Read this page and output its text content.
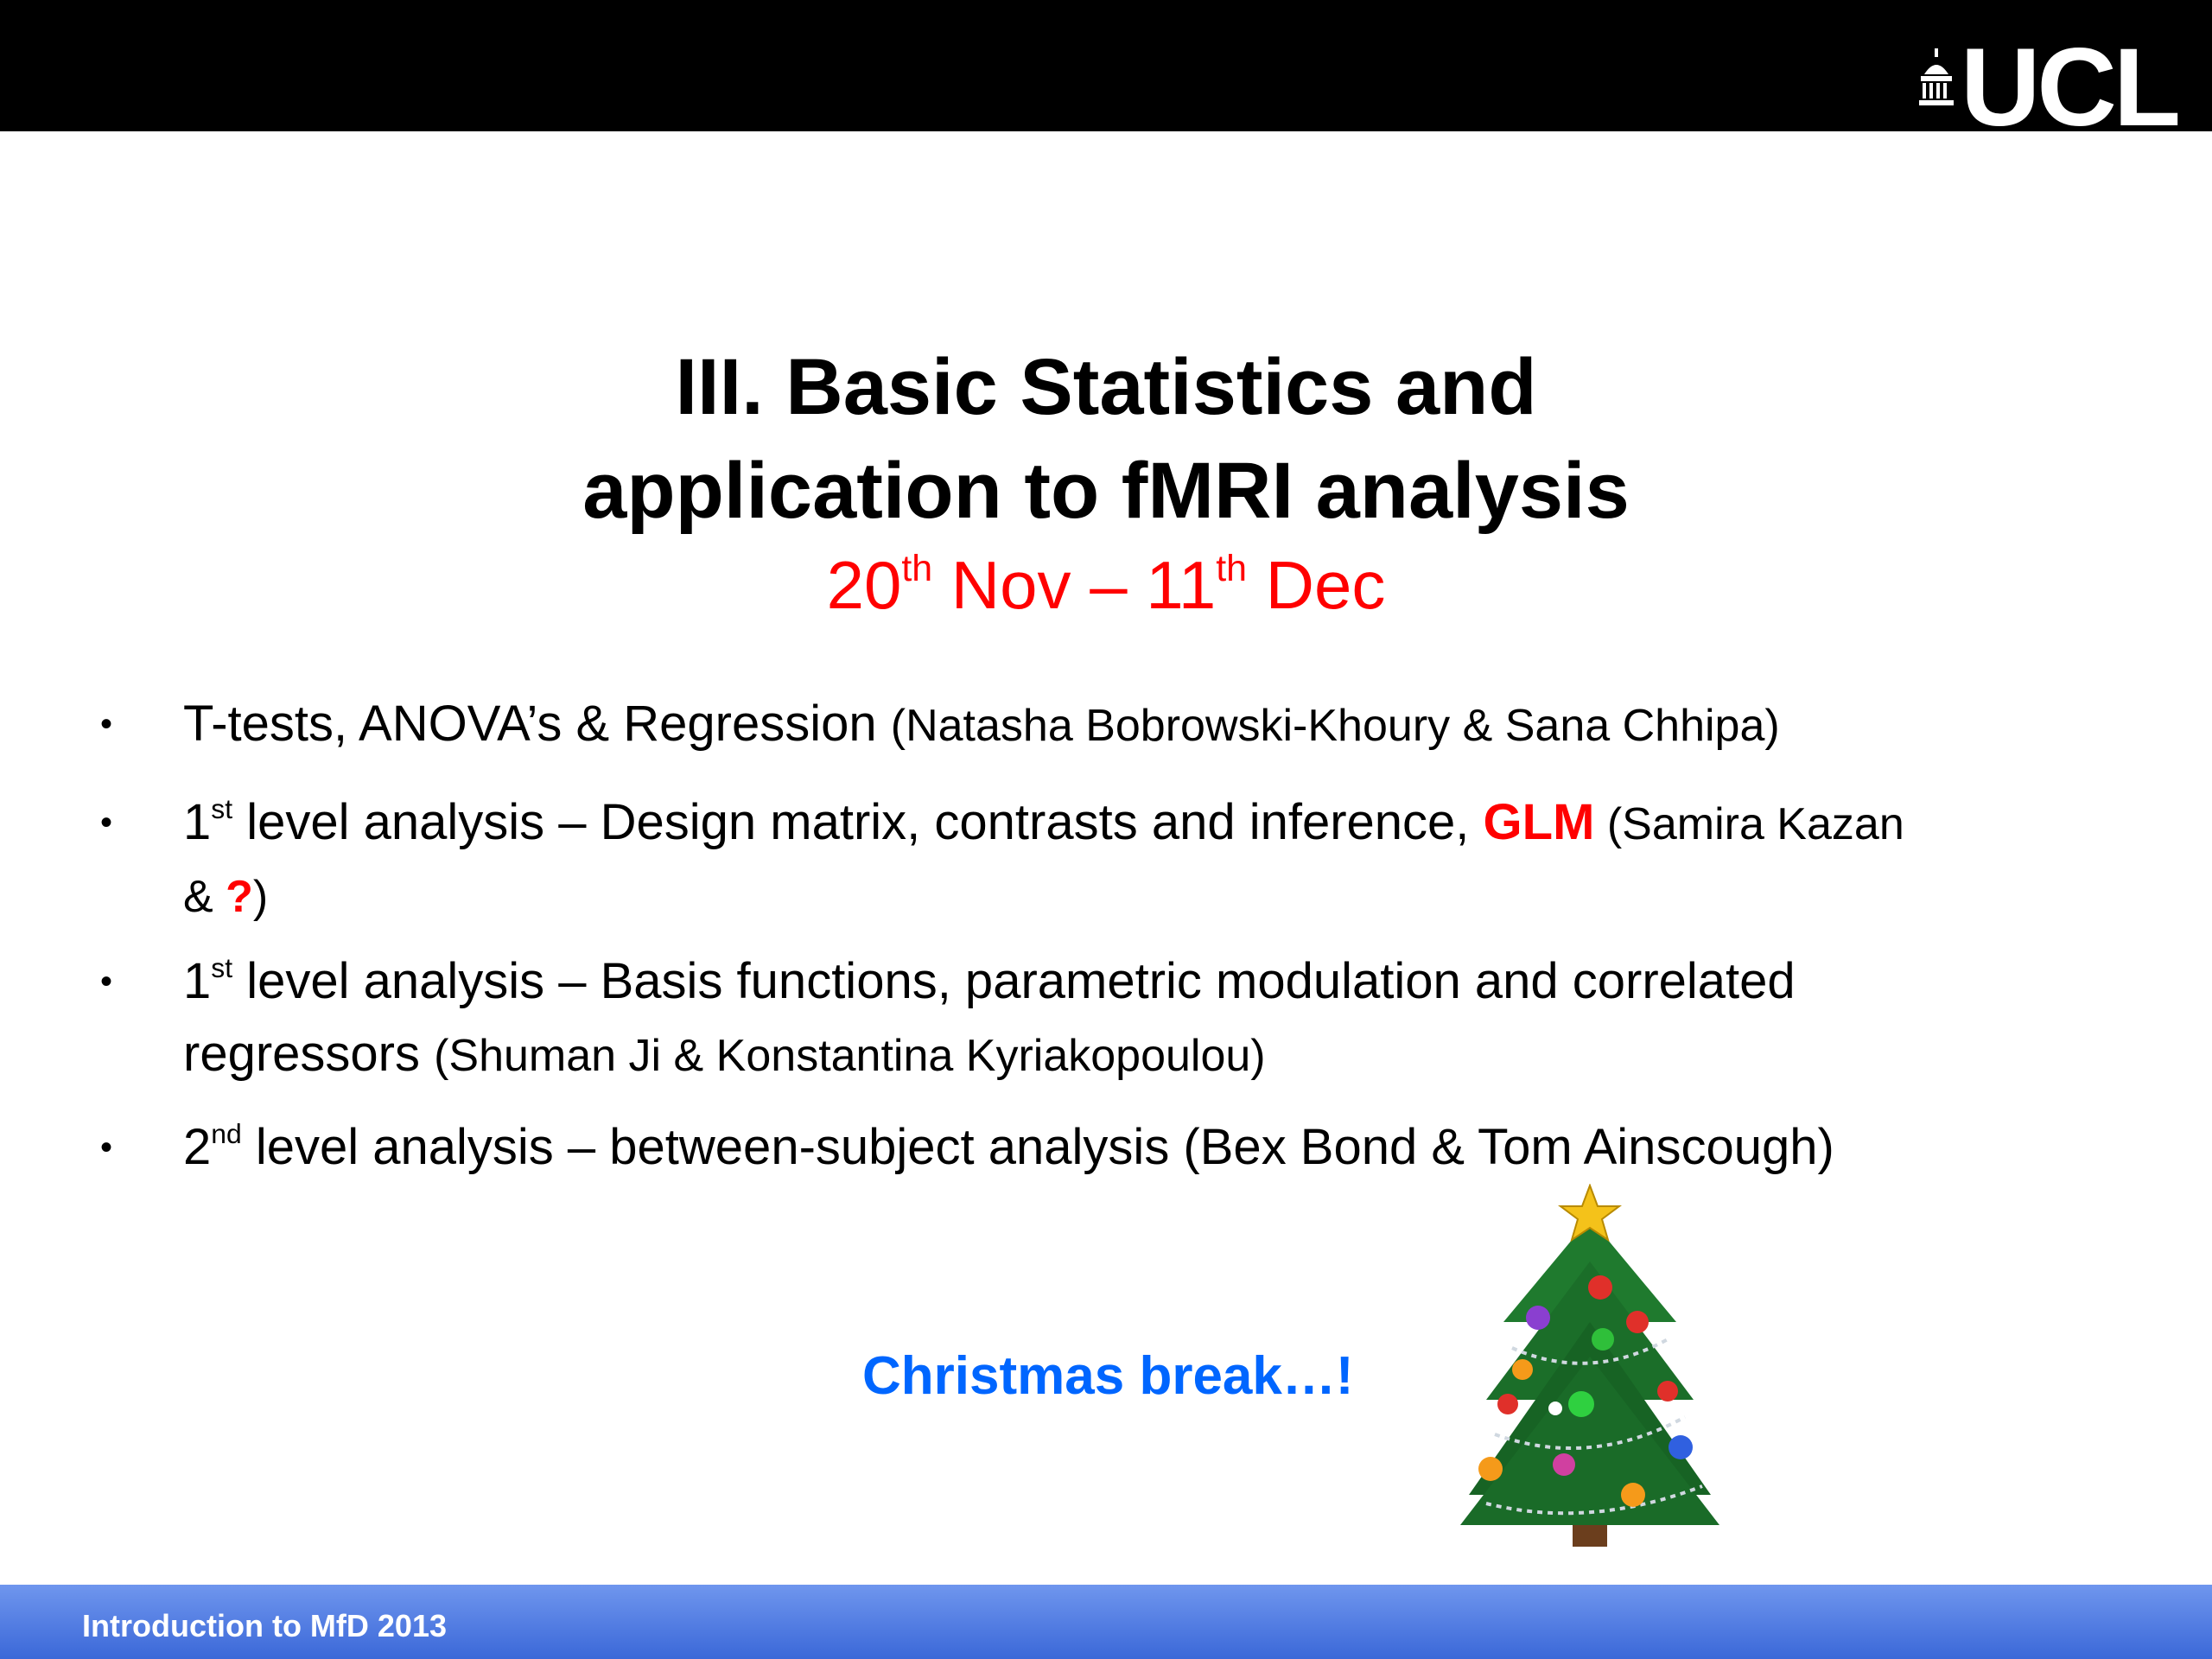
UCL
III. Basic Statistics and
application to fMRI analysis
20th Nov – 11th Dec
• T-tests, ANOVA’s & Regression (Natasha Bobrowski-Khoury & Sana Chhipa)
• 1st level analysis – Design matrix, contrasts and inference, GLM (Samira Kazan
& ?)
• 1st level analysis – Basis functions, parametric modulation and correlated
regressors (Shuman Ji & Konstantina Kyriakopoulou)
• 2nd level analysis – between-subject analysis (Bex Bond & Tom Ainscough)
Christmas break…!
Introduction to MfD 2013
